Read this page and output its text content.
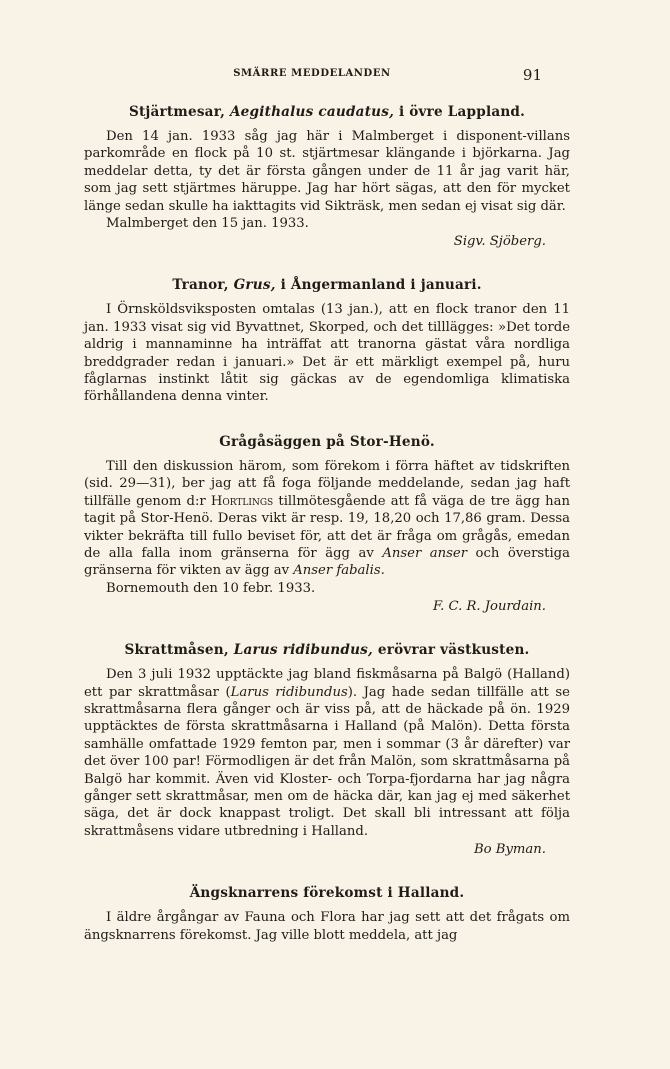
SMÄRRE MEDDELANDEN	91
Stjärtmesar, Aegithalus caudatus, i övre Lappland.

Den 14 jan. 1933 såg jag här i Malmberget i disponent-villans parkområde en flock på 10 st. stjärtmesar klängande i björkarna. Jag meddelar detta, ty det är första gången under de 11 år jag varit här, som jag sett stjärtmes häruppe. Jag har hört sägas, att den för mycket länge sedan skulle ha iakttagits vid Sikträsk, men sedan ej visat sig där.

Malmberget den 15 jan. 1933.

Sigv. Sjöberg.
Tranor, Grus, i Ångermanland i januari.

I Örnsköldsviksposten omtalas (13 jan.), att en flock tranor den 11 jan. 1933 visat sig vid Byvattnet, Skorped, och det tilllägges: »Det torde aldrig i mannaminne ha inträffat att tranorna gästat våra nordliga breddgrader redan i januari.» Det är ett märkligt exempel på, huru fåglarnas instinkt låtit sig gäckas av de egendomliga klimatiska förhållandena denna vinter.

Grågåsäggen på Stor-Henö.

Till den diskussion härom, som förekom i förra häftet av tidskriften (sid. 29—31), ber jag att få foga följande meddelande, sedan jag haft tillfälle genom d:r Hortlings tillmötesgående att få väga de tre ägg han tagit på Stor-Henö. Deras vikt är resp. 19, 18,20 och 17,86 gram. Dessa vikter bekräfta till fullo beviset för, att det är fråga om grågås, emedan de alla falla inom gränserna för ägg av Anser anser och överstiga gränserna för vikten av ägg av Anser fabalis.

Bornemouth den 10 febr. 1933.

F. C. R. Jourdain.
Skrattmåsen, Larus ridibundus, erövrar västkusten.

Den 3 juli 1932 upptäckte jag bland fiskmåsarna på Balgö (Halland) ett par skrattmåsar (Larus ridibundus). Jag hade sedan tillfälle att se skrattmåsarna flera gånger och är viss på, att de häckade på ön. 1929 upptäcktes de första skrattmåsarna i Halland (på Malön). Detta första samhälle omfattade 1929 femton par, men i sommar (3 år därefter) var det över 100 par! Förmodligen är det från Malön, som skrattmåsarna på Balgö har kommit. Även vid Kloster- och Torpa-fjordarna har jag några gånger sett skrattmåsar, men om de häcka där, kan jag ej med säkerhet säga, det är dock knappast troligt. Det skall bli intressant att följa skrattmåsens vidare utbredning i Halland.

Bo Byman.
Ängsknarrens förekomst i Halland.

I äldre årgångar av Fauna och Flora har jag sett att det frågats om ängsknarrens förekomst. Jag ville blott meddela, att jag
